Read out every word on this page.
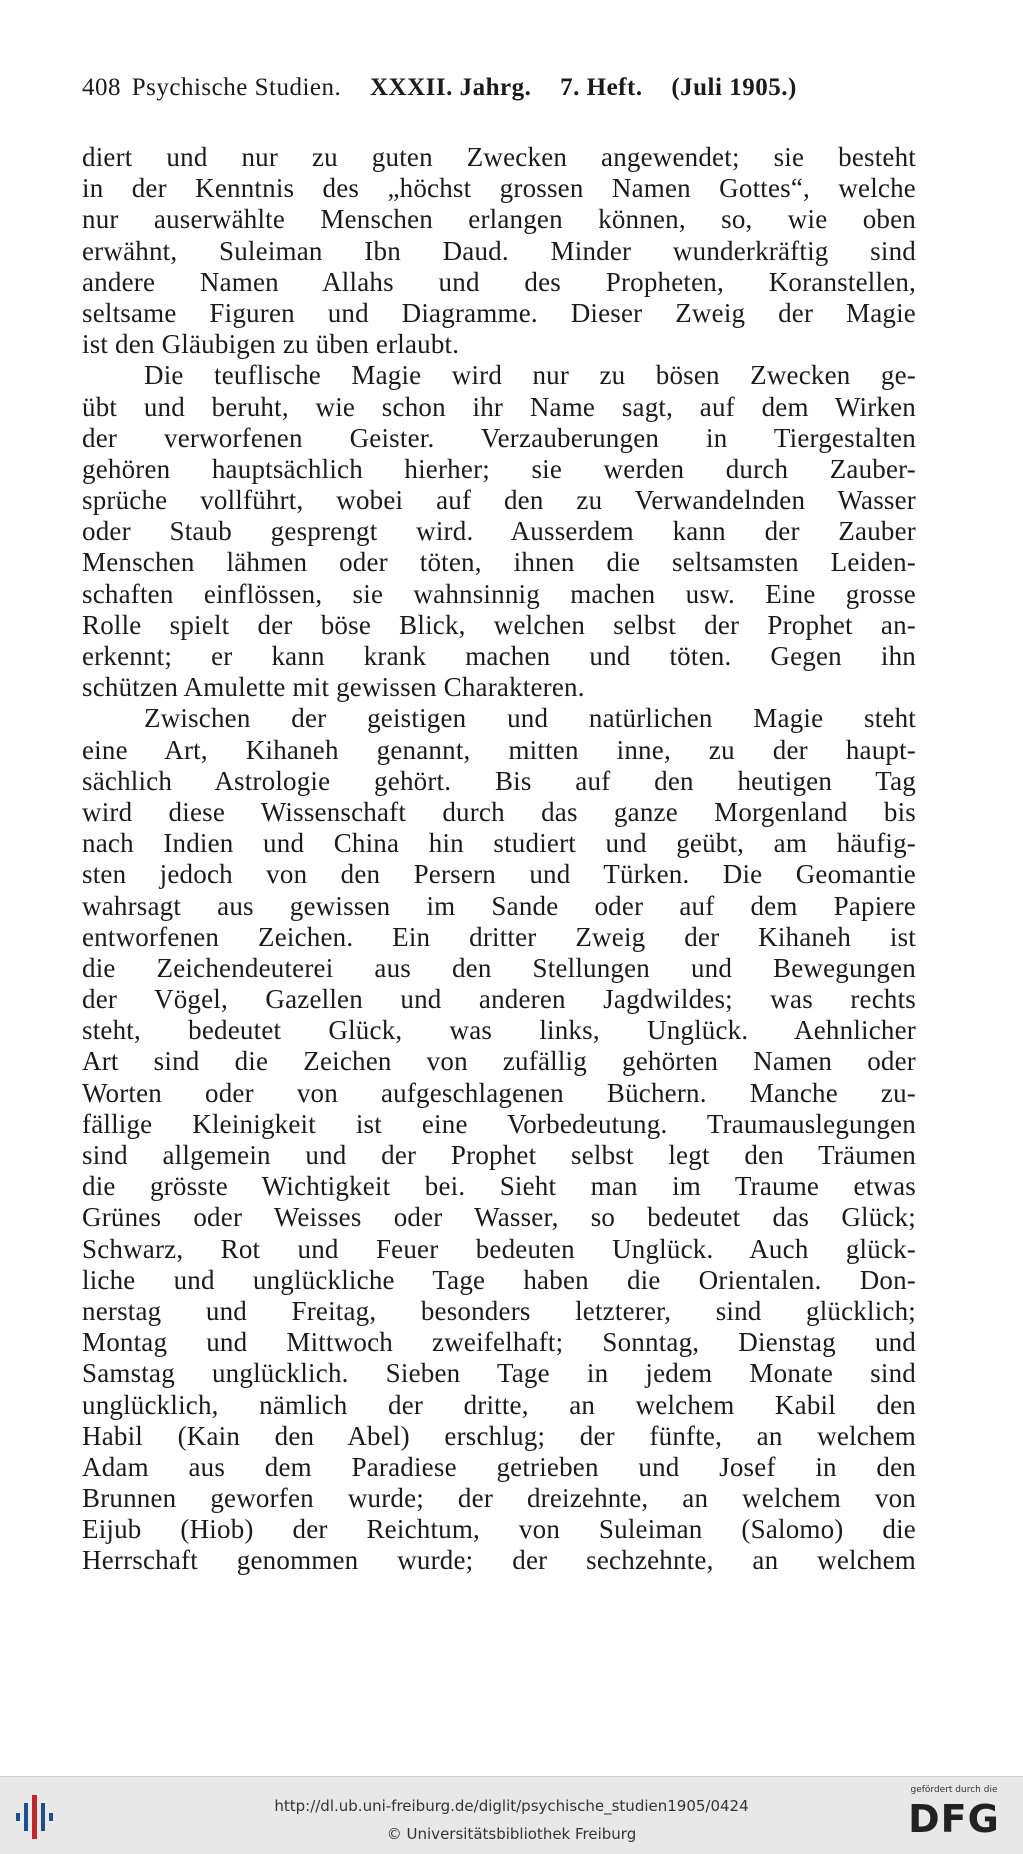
408 Psychische Studien. XXXII. Jahrg. 7. Heft. (Juli 1905.)
diert und nur zu guten Zwecken angewendet; sie besteht
in der Kenntnis des „höchst grossen Namen Gottes“, welche
nur auserwählte Menschen erlangen können, so, wie oben
erwähnt, Suleiman Ibn Daud. Minder wunderkräftig sind
andere Namen Allahs und des Propheten, Koranstellen,
seltsame Figuren und Diagramme. Dieser Zweig der Magie
ist den Gläubigen zu üben erlaubt.
Die teuflische Magie wird nur zu bösen Zwecken ge-
übt und beruht, wie schon ihr Name sagt, auf dem Wirken
der verworfenen Geister. Verzauberungen in Tiergestalten
gehören hauptsächlich hierher; sie werden durch Zauber-
sprüche vollführt, wobei auf den zu Verwandelnden Wasser
oder Staub gesprengt wird. Ausserdem kann der Zauber
Menschen lähmen oder töten, ihnen die seltsamsten Leiden-
schaften einflössen, sie wahnsinnig machen usw. Eine grosse
Rolle spielt der böse Blick, welchen selbst der Prophet an-
erkennt; er kann krank machen und töten. Gegen ihn
schützen Amulette mit gewissen Charakteren.
Zwischen der geistigen und natürlichen Magie steht
eine Art, Kihaneh genannt, mitten inne, zu der haupt-
sächlich Astrologie gehört. Bis auf den heutigen Tag
wird diese Wissenschaft durch das ganze Morgenland bis
nach Indien und China hin studiert und geübt, am häufig-
sten jedoch von den Persern und Türken. Die Geomantie
wahrsagt aus gewissen im Sande oder auf dem Papiere
entworfenen Zeichen. Ein dritter Zweig der Kihaneh ist
die Zeichendeuterei aus den Stellungen und Bewegungen
der Vögel, Gazellen und anderen Jagdwildes; was rechts
steht, bedeutet Glück, was links, Unglück. Aehnlicher
Art sind die Zeichen von zufällig gehörten Namen oder
Worten oder von aufgeschlagenen Büchern. Manche zu-
fällige Kleinigkeit ist eine Vorbedeutung. Traumauslegungen
sind allgemein und der Prophet selbst legt den Träumen
die grösste Wichtigkeit bei. Sieht man im Traume etwas
Grünes oder Weisses oder Wasser, so bedeutet das Glück;
Schwarz, Rot und Feuer bedeuten Unglück. Auch glück-
liche und unglückliche Tage haben die Orientalen. Don-
nerstag und Freitag, besonders letzterer, sind glücklich;
Montag und Mittwoch zweifelhaft; Sonntag, Dienstag und
Samstag unglücklich. Sieben Tage in jedem Monate sind
unglücklich, nämlich der dritte, an welchem Kabil den
Habil (Kain den Abel) erschlug; der fünfte, an welchem
Adam aus dem Paradiese getrieben und Josef in den
Brunnen geworfen wurde; der dreizehnte, an welchem von
Eijub (Hiob) der Reichtum, von Suleiman (Salomo) die
Herrschaft genommen wurde; der sechzehnte, an welchem
http://dl.ub.uni-freiburg.de/diglit/psychische_studien1905/0424
© Universitätsbibliothek Freiburg
gefördert durch die
DFG
